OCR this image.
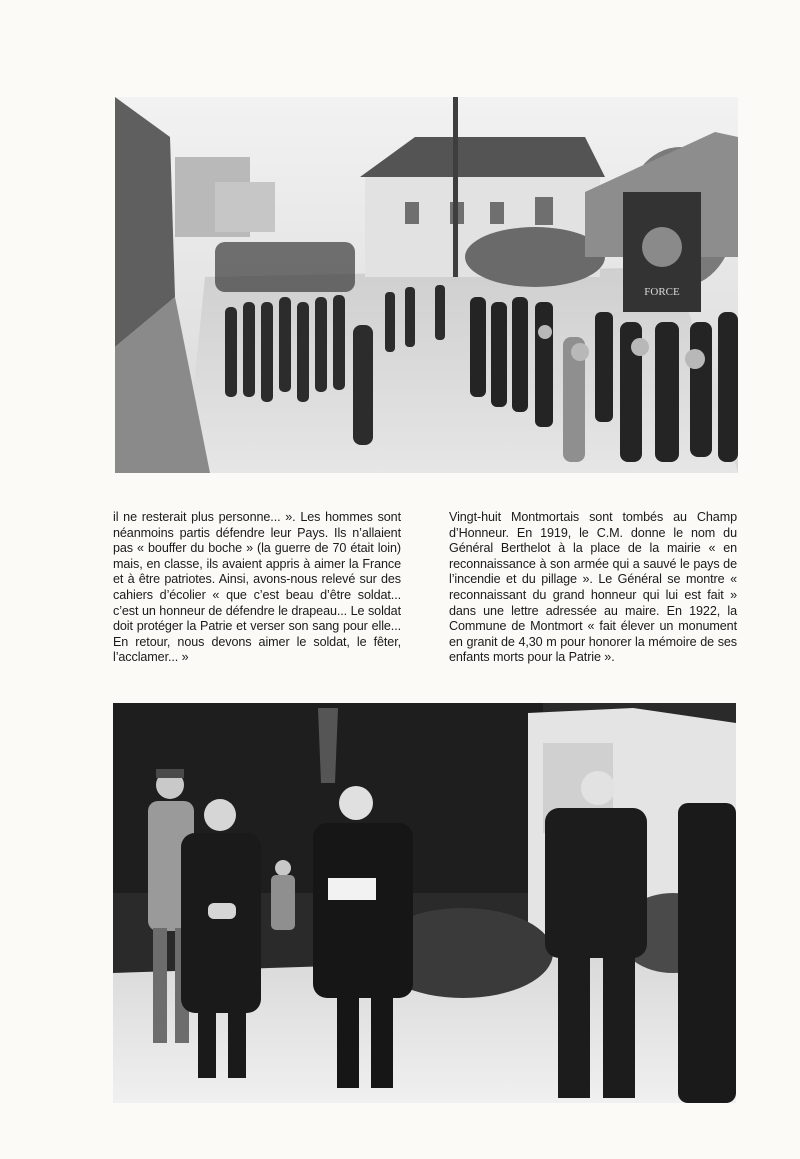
FORCE

il ne resterait plus personne... ». Les hommes sont néanmoins partis défendre leur Pays. Ils n’allaient pas « bouffer du boche » (la guerre de 70 était loin) mais, en classe, ils avaient appris à aimer la France et à être patriotes. Ainsi, avons-nous relevé sur des cahiers d’écolier « que c’est beau d’être soldat... c’est un honneur de défendre le drapeau... Le soldat doit protéger la Patrie et verser son sang pour elle... En retour, nous devons aimer le soldat, le fêter, l’acclamer... »

Vingt-huit Montmortais sont tombés au Champ d’Honneur. En 1919, le C.M. donne le nom du Général Berthelot à la place de la mairie « en reconnaissance à son armée qui a sauvé le pays de l’incendie et du pillage ». Le Général se montre « reconnaissant du grand honneur qui lui est fait » dans une lettre adressée au maire. En 1922, la Commune de Montmort « fait élever un monument en granit de 4,30 m pour honorer la mémoire de ses enfants morts pour la Patrie ».
